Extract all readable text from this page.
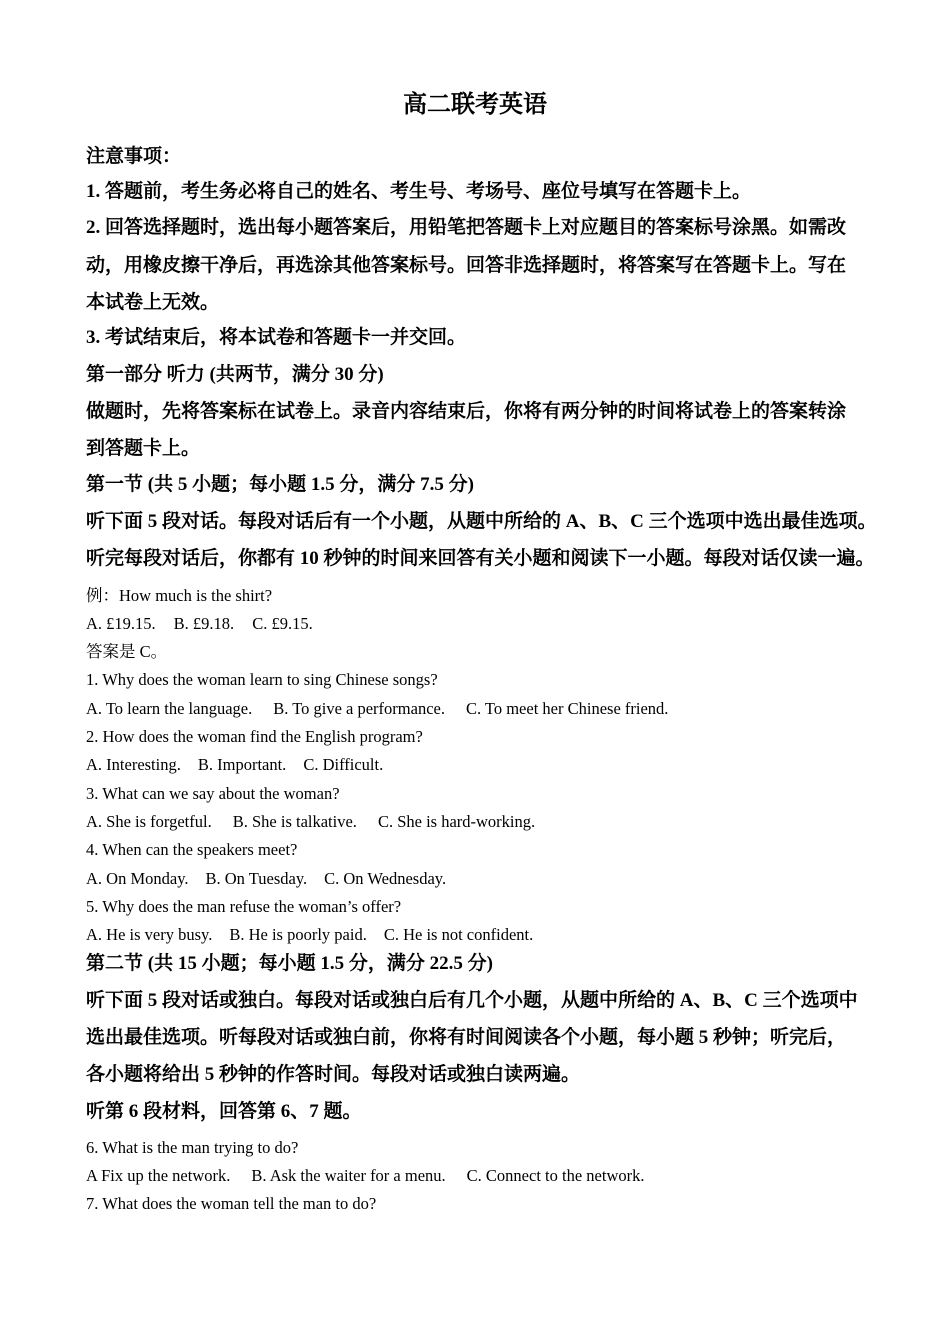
高二联考英语
注意事项：
1. 答题前，考生务必将自己的姓名、考生号、考场号、座位号填写在答题卡上。
2. 回答选择题时，选出每小题答案后，用铅笔把答题卡上对应题目的答案标号涂黑。如需改
动，用橡皮擦干净后，再选涂其他答案标号。回答非选择题时，将答案写在答题卡上。写在
本试卷上无效。
3. 考试结束后，将本试卷和答题卡一并交回。
第一部分 听力 (共两节，满分 30 分)
做题时，先将答案标在试卷上。录音内容结束后，你将有两分钟的时间将试卷上的答案转涂
到答题卡上。
第一节 (共 5 小题；每小题 1.5 分，满分 7.5 分)
听下面 5 段对话。每段对话后有一个小题，从题中所给的 A、B、C 三个选项中选出最佳选项。
听完每段对话后，你都有 10 秒钟的时间来回答有关小题和阅读下一小题。每段对话仅读一遍。
例：How much is the shirt?
A. £19.15. B. £9.18. C. £9.15.
答案是 C。
1. Why does the woman learn to sing Chinese songs?
A. To learn the language. B. To give a performance. C. To meet her Chinese friend.
2. How does the woman find the English program?
A. Interesting. B. Important. C. Difficult.
3. What can we say about the woman?
A. She is forgetful. B. She is talkative. C. She is hard-working.
4. When can the speakers meet?
A. On Monday. B. On Tuesday. C. On Wednesday.
5. Why does the man refuse the woman’s offer?
A. He is very busy. B. He is poorly paid. C. He is not confident.
第二节 (共 15 小题；每小题 1.5 分，满分 22.5 分)
听下面 5 段对话或独白。每段对话或独白后有几个小题，从题中所给的 A、B、C 三个选项中
选出最佳选项。听每段对话或独白前，你将有时间阅读各个小题，每小题 5 秒钟；听完后，
各小题将给出 5 秒钟的作答时间。每段对话或独白读两遍。
听第 6 段材料，回答第 6、7 题。
6. What is the man trying to do?
A Fix up the network. B. Ask the waiter for a menu. C. Connect to the network.
7. What does the woman tell the man to do?
